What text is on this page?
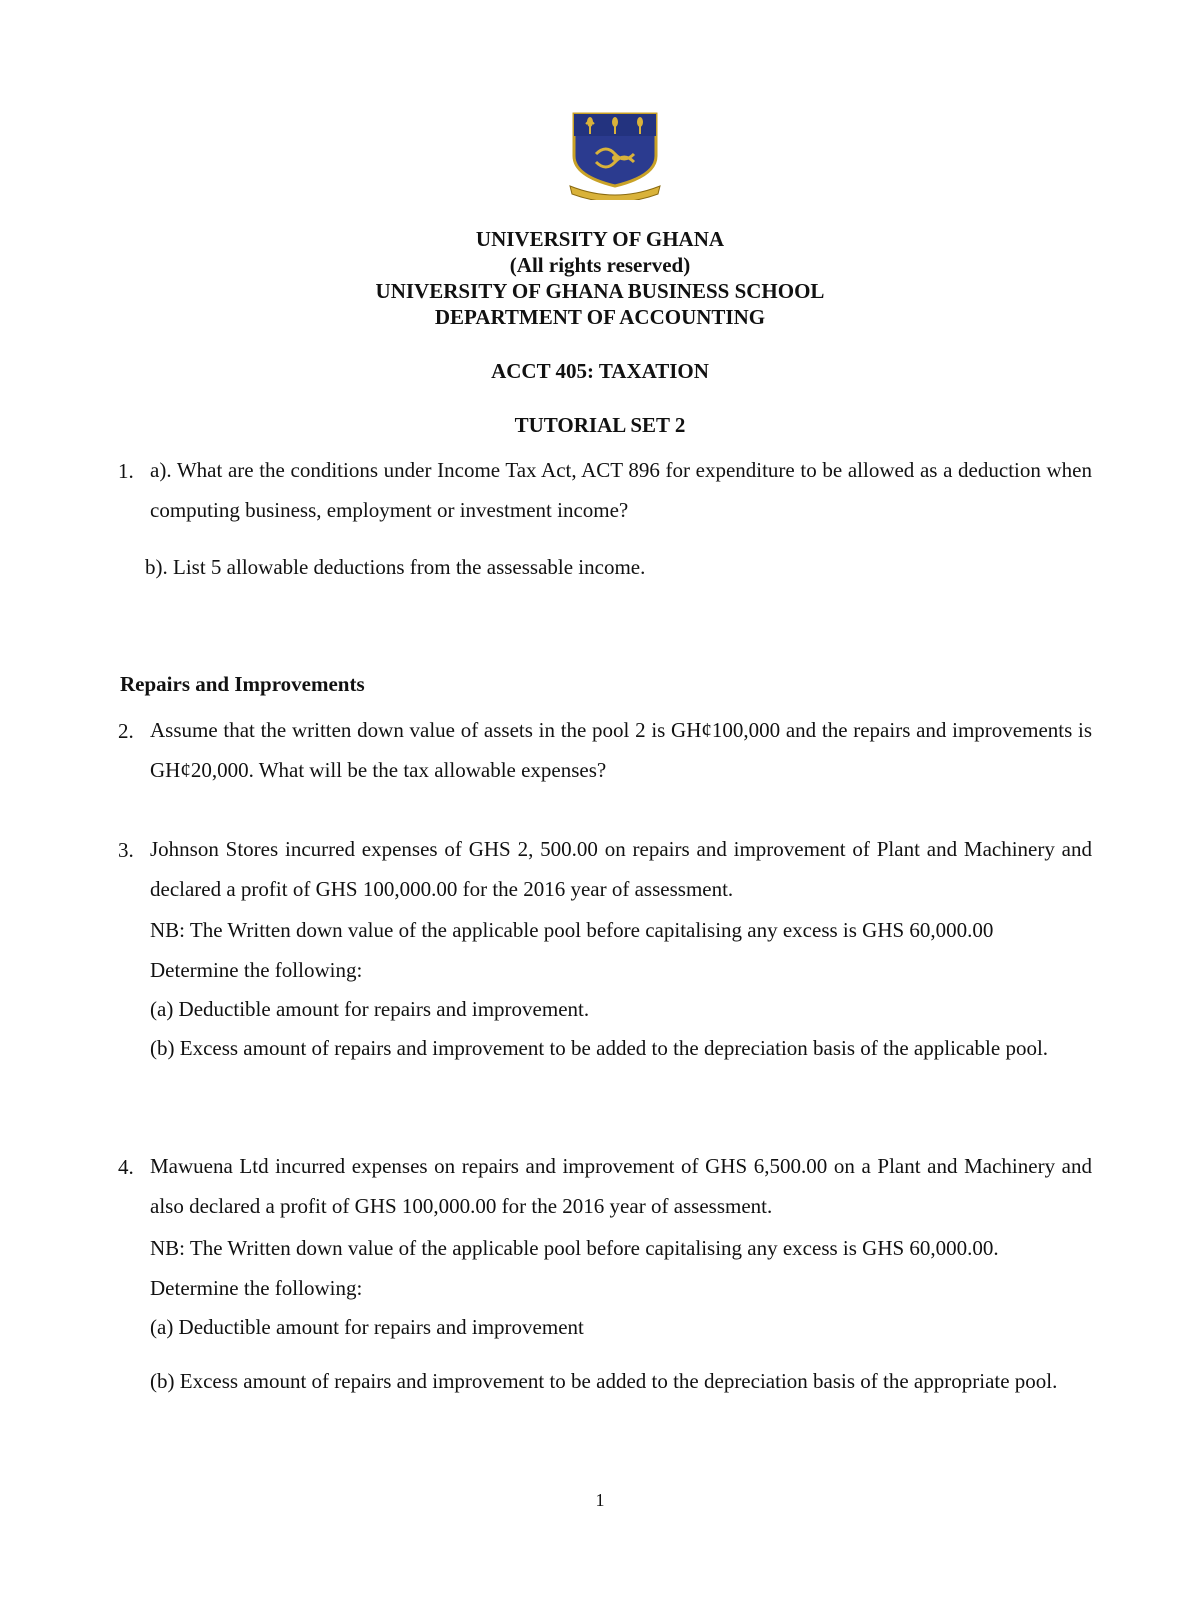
UNIVERSITY OF GHANA
(All rights reserved)
UNIVERSITY OF GHANA BUSINESS SCHOOL
DEPARTMENT OF ACCOUNTING
ACCT 405: TAXATION
TUTORIAL SET 2
1. a). What are the conditions under Income Tax Act, ACT 896 for expenditure to be allowed as a deduction when computing business, employment or investment income?
b). List 5 allowable deductions from the assessable income.
Repairs and Improvements
2. Assume that the written down value of assets in the pool 2 is GH¢100,000 and the repairs and improvements is GH¢20,000. What will be the tax allowable expenses?
3. Johnson Stores incurred expenses of GHS 2, 500.00 on repairs and improvement of Plant and Machinery and declared a profit of GHS 100,000.00 for the 2016 year of assessment.
NB: The Written down value of the applicable pool before capitalising any excess is GHS 60,000.00
Determine the following:
(a) Deductible amount for repairs and improvement.
(b) Excess amount of repairs and improvement to be added to the depreciation basis of the applicable pool.
4. Mawuena Ltd incurred expenses on repairs and improvement of GHS 6,500.00 on a Plant and Machinery and also declared a profit of GHS 100,000.00 for the 2016 year of assessment.
NB: The Written down value of the applicable pool before capitalising any excess is GHS 60,000.00.
Determine the following:
(a) Deductible amount for repairs and improvement
(b) Excess amount of repairs and improvement to be added to the depreciation basis of the appropriate pool.
1
